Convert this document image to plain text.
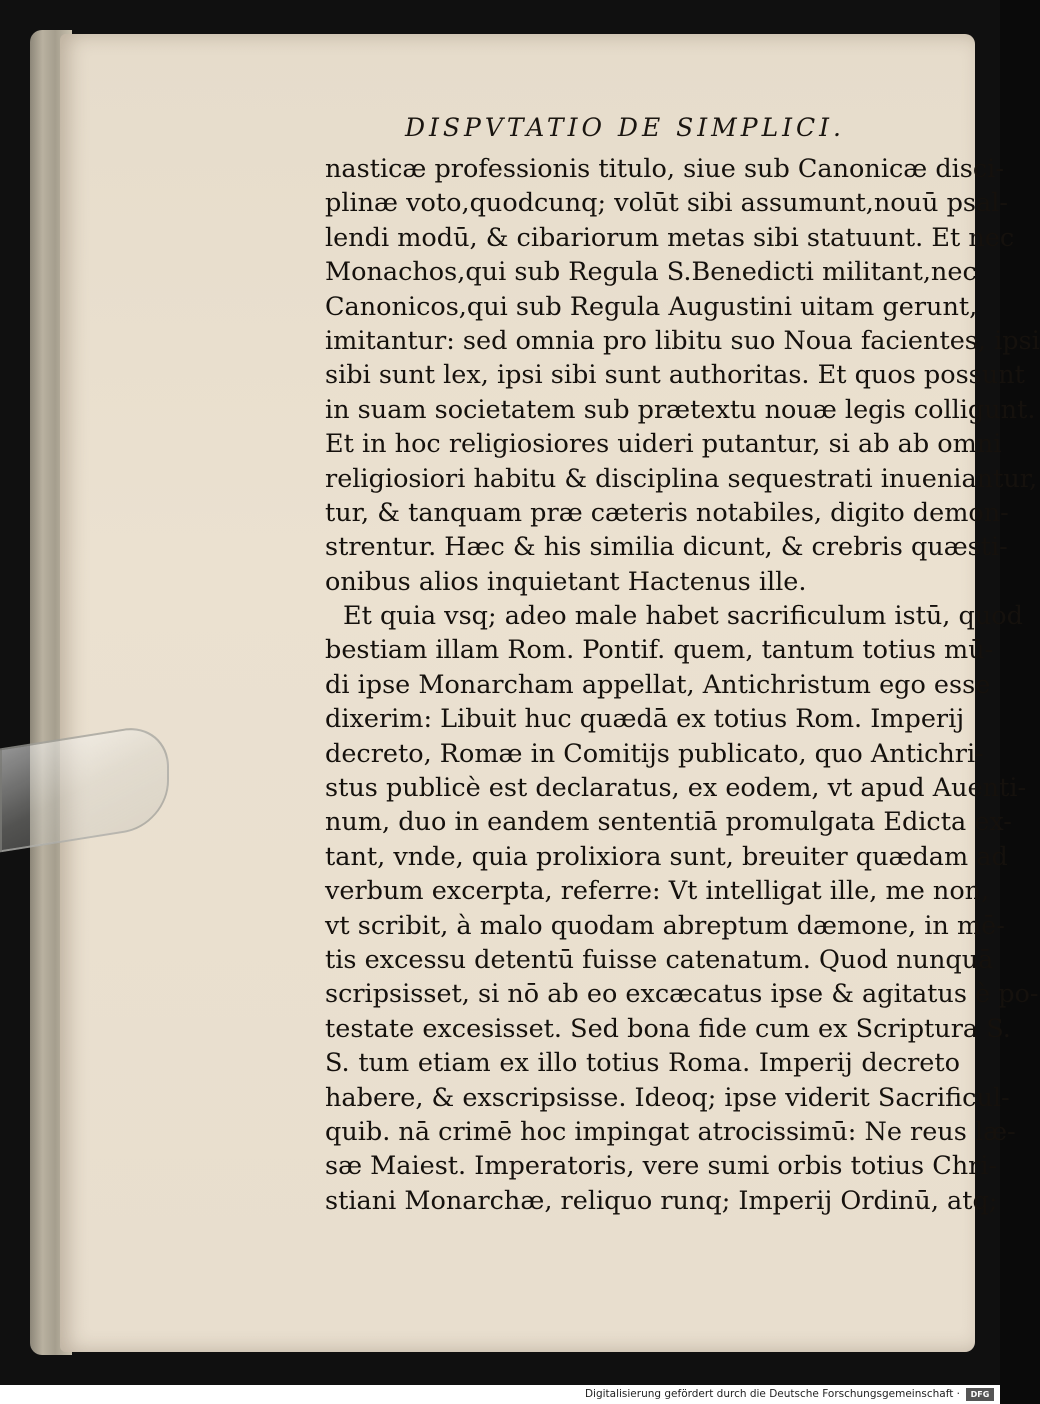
DISPVTATIO DE SIMPLICI.
nasticæ professionis titulo, siue sub Canonicæ disci-
plinæ voto,quodcunq; volūt sibi assumunt,nouū psal-
lendi modū, & cibariorum metas sibi statuunt. Et nec
Monachos,qui sub Regula S.Benedicti militant,nec
Canonicos,qui sub Regula Augustini uitam gerunt,
imitantur: sed omnia pro libitu suo Noua facientes, ipsi
sibi sunt lex, ipsi sibi sunt authoritas. Et quos possunt
in suam societatem sub prætextu nouæ legis colligunt.
Et in hoc religiosiores uideri putantur, si ab ab omni
religiosiori habitu & disciplina sequestrati inueniantur,
tur, & tanquam præ cæteris notabiles, digito demon-
strentur. Hæc & his similia dicunt, & crebris quæsti-
onibus alios inquietant Hactenus ille.
Et quia vsq; adeo male habet sacrificulum istū, quod
bestiam illam Rom. Pontif. quem, tantum totius mū-
di ipse Monarcham appellat, Antichristum ego esse
dixerim: Libuit huc quædā ex totius Rom. Imperij
decreto, Romæ in Comitijs publicato, quo Antichri-
stus publicè est declaratus, ex eodem, vt apud Auenti-
num, duo in eandem sententiā promulgata Edicta ex-
tant, vnde, quia prolixiora sunt, breuiter quædam ad
verbum excerpta, referre: Vt intelligat ille, me non,
vt scribit, à malo quodam abreptum dæmone, in mē-
tis excessu detentū fuisse catenatum. Quod nunquā
scripsisset, si nō ab eo excæcatus ipse & agitatus è po-
testate excesisset. Sed bona fide cum ex Scriptura S.
S. tum etiam ex illo totius Roma. Imperij decreto
habere, & exscripsisse. Ideoq; ipse viderit Sacrificul-
quib. nā crimē hoc impingat atrocissimū: Ne reus læ-
sæ Maiest. Imperatoris, vere sumi orbis totius Chri-
stiani Monarchæ, reliquo runq; Imperij Ordinū, atq;
Digitalisierung gefördert durch die Deutsche Forschungsgemeinschaft ·	DFG
